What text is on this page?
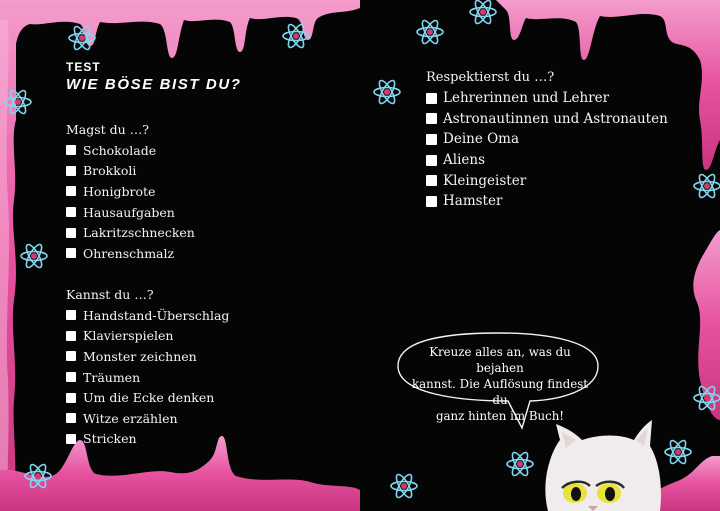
TEST
WIE BÖSE BIST DU?
Magst du …?
Schokolade
Brokkoli
Honigbrote
Hausaufgaben
Lakritzschnecken
Ohrenschmalz
Kannst du …?
Handstand-Überschlag
Klavierspielen
Monster zeichnen
Träumen
Um die Ecke denken
Witze erzählen
Stricken
Respektierst du …?
Lehrerinnen und Lehrer
Astronautinnen und Astronauten
Deine Oma
Aliens
Kleingeister
Hamster
Kreuze alles an, was du bejahen
kannst. Die Auflösung findest du
ganz hinten im Buch!
